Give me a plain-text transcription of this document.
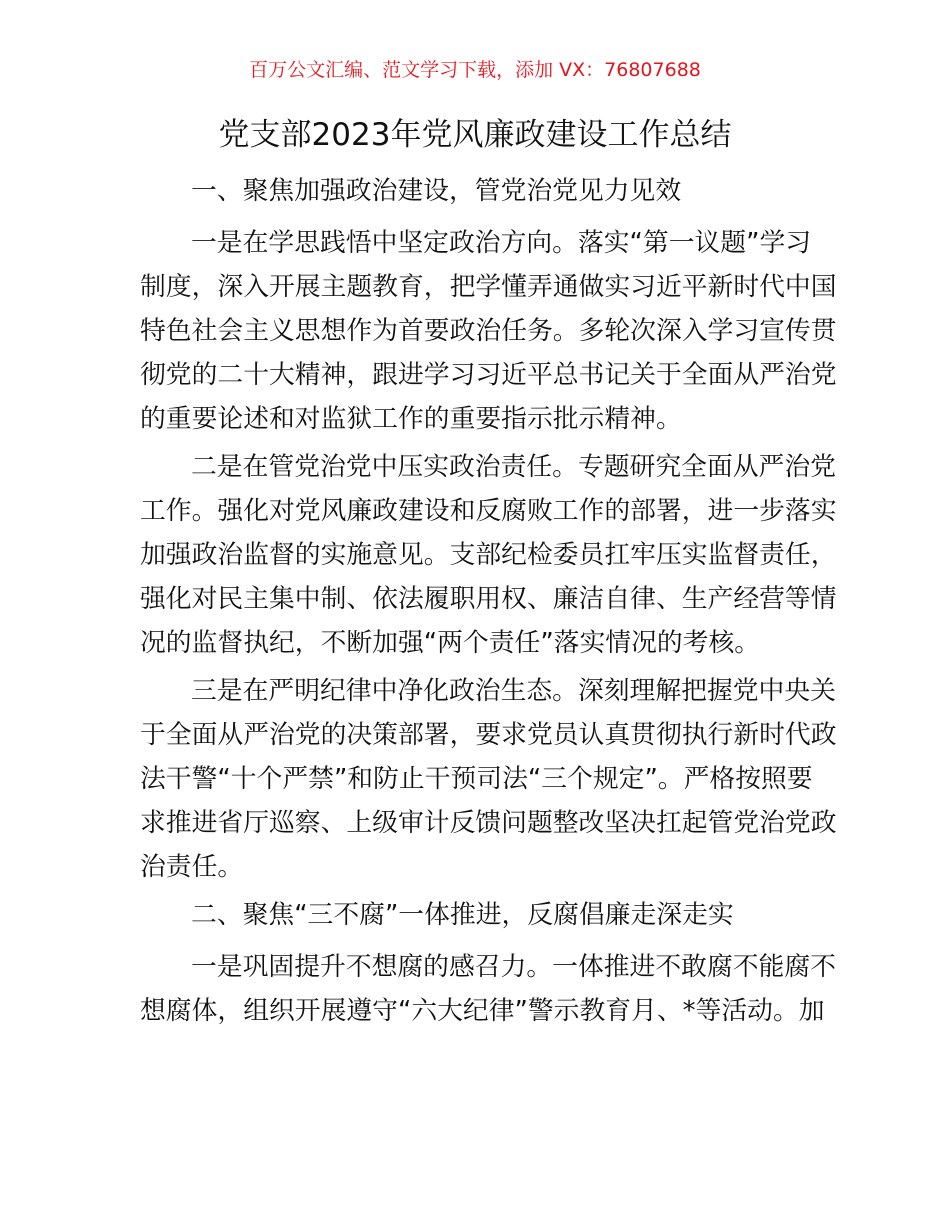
百万公文汇编、范文学习下载，添加 VX：76807688
党支部2023年党风廉政建设工作总结
一、聚焦加强政治建设，管党治党见力见效
一是在学思践悟中坚定政治方向。落实“第一议题”学习
制度，深入开展主题教育，把学懂弄通做实习近平新时代中国
特色社会主义思想作为首要政治任务。多轮次深入学习宣传贯
彻党的二十大精神，跟进学习习近平总书记关于全面从严治党
的重要论述和对监狱工作的重要指示批示精神。
二是在管党治党中压实政治责任。专题研究全面从严治党
工作。强化对党风廉政建设和反腐败工作的部署，进一步落实
加强政治监督的实施意见。支部纪检委员扛牢压实监督责任，
强化对民主集中制、依法履职用权、廉洁自律、生产经营等情
况的监督执纪，不断加强“两个责任”落实情况的考核。
三是在严明纪律中净化政治生态。深刻理解把握党中央关
于全面从严治党的决策部署，要求党员认真贯彻执行新时代政
法干警“十个严禁”和防止干预司法“三个规定”。严格按照要
求推进省厅巡察、上级审计反馈问题整改坚决扛起管党治党政
治责任。
二、聚焦“三不腐”一体推进，反腐倡廉走深走实
一是巩固提升不想腐的感召力。一体推进不敢腐不能腐不
想腐体，组织开展遵守“六大纪律”警示教育月、*等活动。加
